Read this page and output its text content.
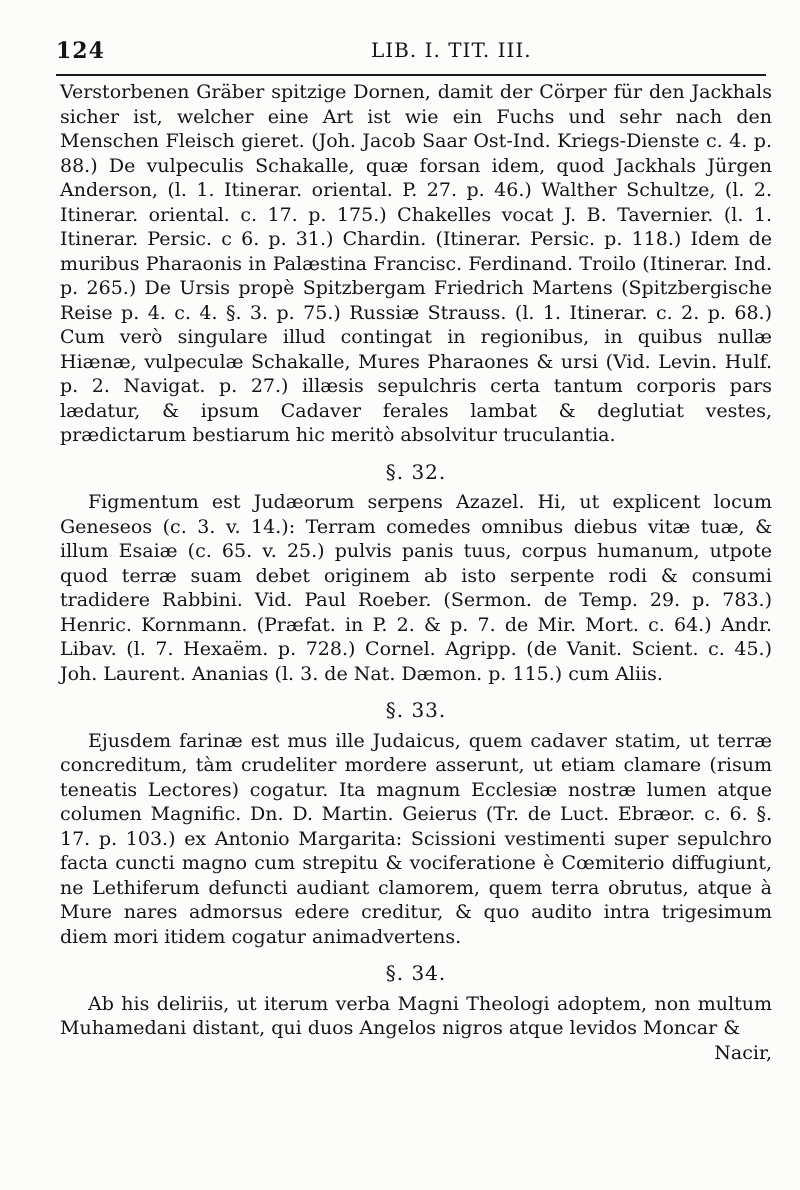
124	LIB. I. TIT. III.

Verstorbenen Gräber spitzige Dornen, damit der Cörper für den Jackhals sicher ist, welcher eine Art ist wie ein Fuchs und sehr nach den Menschen Fleisch gieret. (Joh. Jacob Saar Ost-Ind. Kriegs-Dienste c. 4. p. 88.) De vulpeculis Schakalle, quæ forsan idem, quod Jackhals Jürgen Anderson, (l. 1. Itinerar. oriental. P. 27. p. 46.) Walther Schultze, (l. 2. Itinerar. oriental. c. 17. p. 175.) Chakelles vocat J. B. Tavernier. (l. 1. Itinerar. Persic. c 6. p. 31.) Chardin. (Itinerar. Persic. p. 118.) Idem de muribus Pharaonis in Palæstina Francisc. Ferdinand. Troilo (Itinerar. Ind. p. 265.) De Ursis propè Spitzbergam Friedrich Martens (Spitzbergische Reise p. 4. c. 4. §. 3. p. 75.) Russiæ Strauss. (l. 1. Itinerar. c. 2. p. 68.) Cum verò singulare illud contingat in regionibus, in quibus nullæ Hiænæ, vulpeculæ Schakalle, Mures Pharaones & ursi (Vid. Levin. Hulf. p. 2. Navigat. p. 27.) illæsis sepulchris certa tantum corporis pars lædatur, & ipsum Cadaver ferales lambat & deglutiat vestes, prædictarum bestiarum hic meritò absolvitur truculantia.

§. 32.

Figmentum est Judæorum serpens Azazel. Hi, ut explicent locum Geneseos (c. 3. v. 14.): Terram comedes omnibus diebus vitæ tuæ, & illum Esaiæ (c. 65. v. 25.) pulvis panis tuus, corpus humanum, utpote quod terræ suam debet originem ab isto serpente rodi & consumi tradidere Rabbini. Vid. Paul Roeber. (Sermon. de Temp. 29. p. 783.) Henric. Kornmann. (Præfat. in P. 2. & p. 7. de Mir. Mort. c. 64.) Andr. Libav. (l. 7. Hexaëm. p. 728.) Cornel. Agripp. (de Vanit. Scient. c. 45.) Joh. Laurent. Ananias (l. 3. de Nat. Dæmon. p. 115.) cum Aliis.

§. 33.

Ejusdem farinæ est mus ille Judaicus, quem cadaver statim, ut terræ concreditum, tàm crudeliter mordere asserunt, ut etiam clamare (risum teneatis Lectores) cogatur. Ita magnum Ecclesiæ nostræ lumen atque columen Magnific. Dn. D. Martin. Geierus (Tr. de Luct. Ebræor. c. 6. §. 17. p. 103.) ex Antonio Margarita: Scissioni vestimenti super sepulchro facta cuncti magno cum strepitu & vociferatione è Cœmiterio diffugiunt, ne Lethiferum defuncti audiant clamorem, quem terra obrutus, atque à Mure nares admorsus edere creditur, & quo audito intra trigesimum diem mori itidem cogatur animadvertens.

§. 34.

Ab his deliriis, ut iterum verba Magni Theologi adoptem, non multum Muhamedani distant, qui duos Angelos nigros atque levidos Moncar &

Nacir,
